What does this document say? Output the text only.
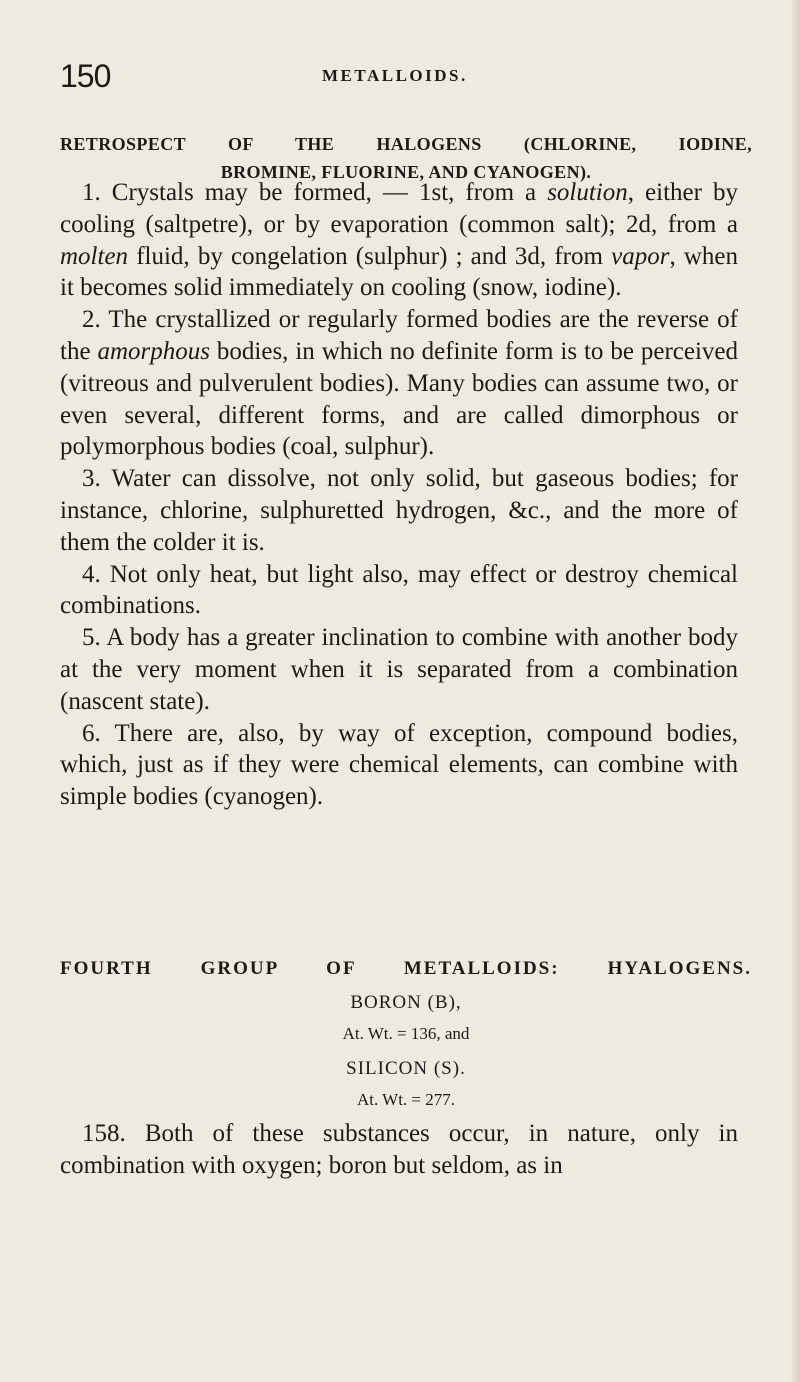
150	METALLOIDS.
RETROSPECT OF THE HALOGENS (CHLORINE, IODINE,
BROMINE, FLUORINE, AND CYANOGEN).

1. Crystals may be formed, — 1st, from a solution, either by cooling (saltpetre), or by evaporation (common salt); 2d, from a molten fluid, by congelation (sulphur) ; and 3d, from vapor, when it becomes solid immediately on cooling (snow, iodine).

2. The crystallized or regularly formed bodies are the reverse of the amorphous bodies, in which no definite form is to be perceived (vitreous and pulverulent bodies). Many bodies can assume two, or even several, different forms, and are called dimorphous or polymorphous bodies (coal, sulphur).

3. Water can dissolve, not only solid, but gaseous bodies; for instance, chlorine, sulphuretted hydrogen, &c., and the more of them the colder it is.

4. Not only heat, but light also, may effect or destroy chemical combinations.

5. A body has a greater inclination to combine with another body at the very moment when it is separated from a combination (nascent state).

6. There are, also, by way of exception, compound bodies, which, just as if they were chemical elements, can combine with simple bodies (cyanogen).

FOURTH GROUP OF METALLOIDS: HYALOGENS.
BORON (B),
At. Wt. = 136, and
SILICON (S).
At. Wt. = 277.

158. Both of these substances occur, in nature, only in combination with oxygen; boron but seldom, as in
